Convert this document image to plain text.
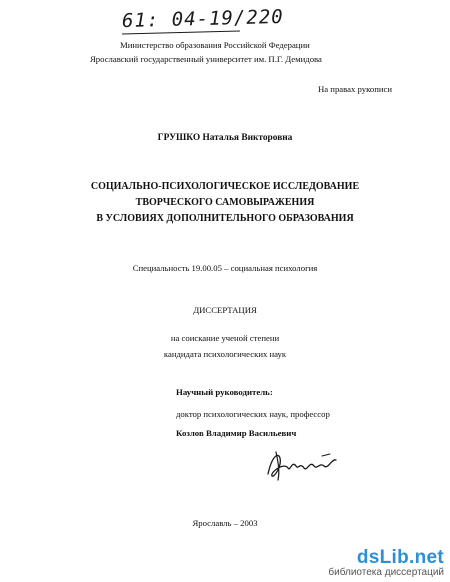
61: 04-19/220
Министерство образования Российской Федерации
Ярославский государственный университет им. П.Г. Демидова
На правах рукописи
ГРУШКО Наталья Викторовна
СОЦИАЛЬНО-ПСИХОЛОГИЧЕСКОЕ ИССЛЕДОВАНИЕ
ТВОРЧЕСКОГО САМОВЫРАЖЕНИЯ
В УСЛОВИЯХ ДОПОЛНИТЕЛЬНОГО ОБРАЗОВАНИЯ
Специальность 19.00.05 – социальная психология
ДИССЕРТАЦИЯ
на соискание ученой степени
кандидата психологических наук
Научный руководитель:
доктор психологических наук, профессор
Козлов Владимир Васильевич
Ярославль – 2003
dsLib.net
библиотека диссертаций
